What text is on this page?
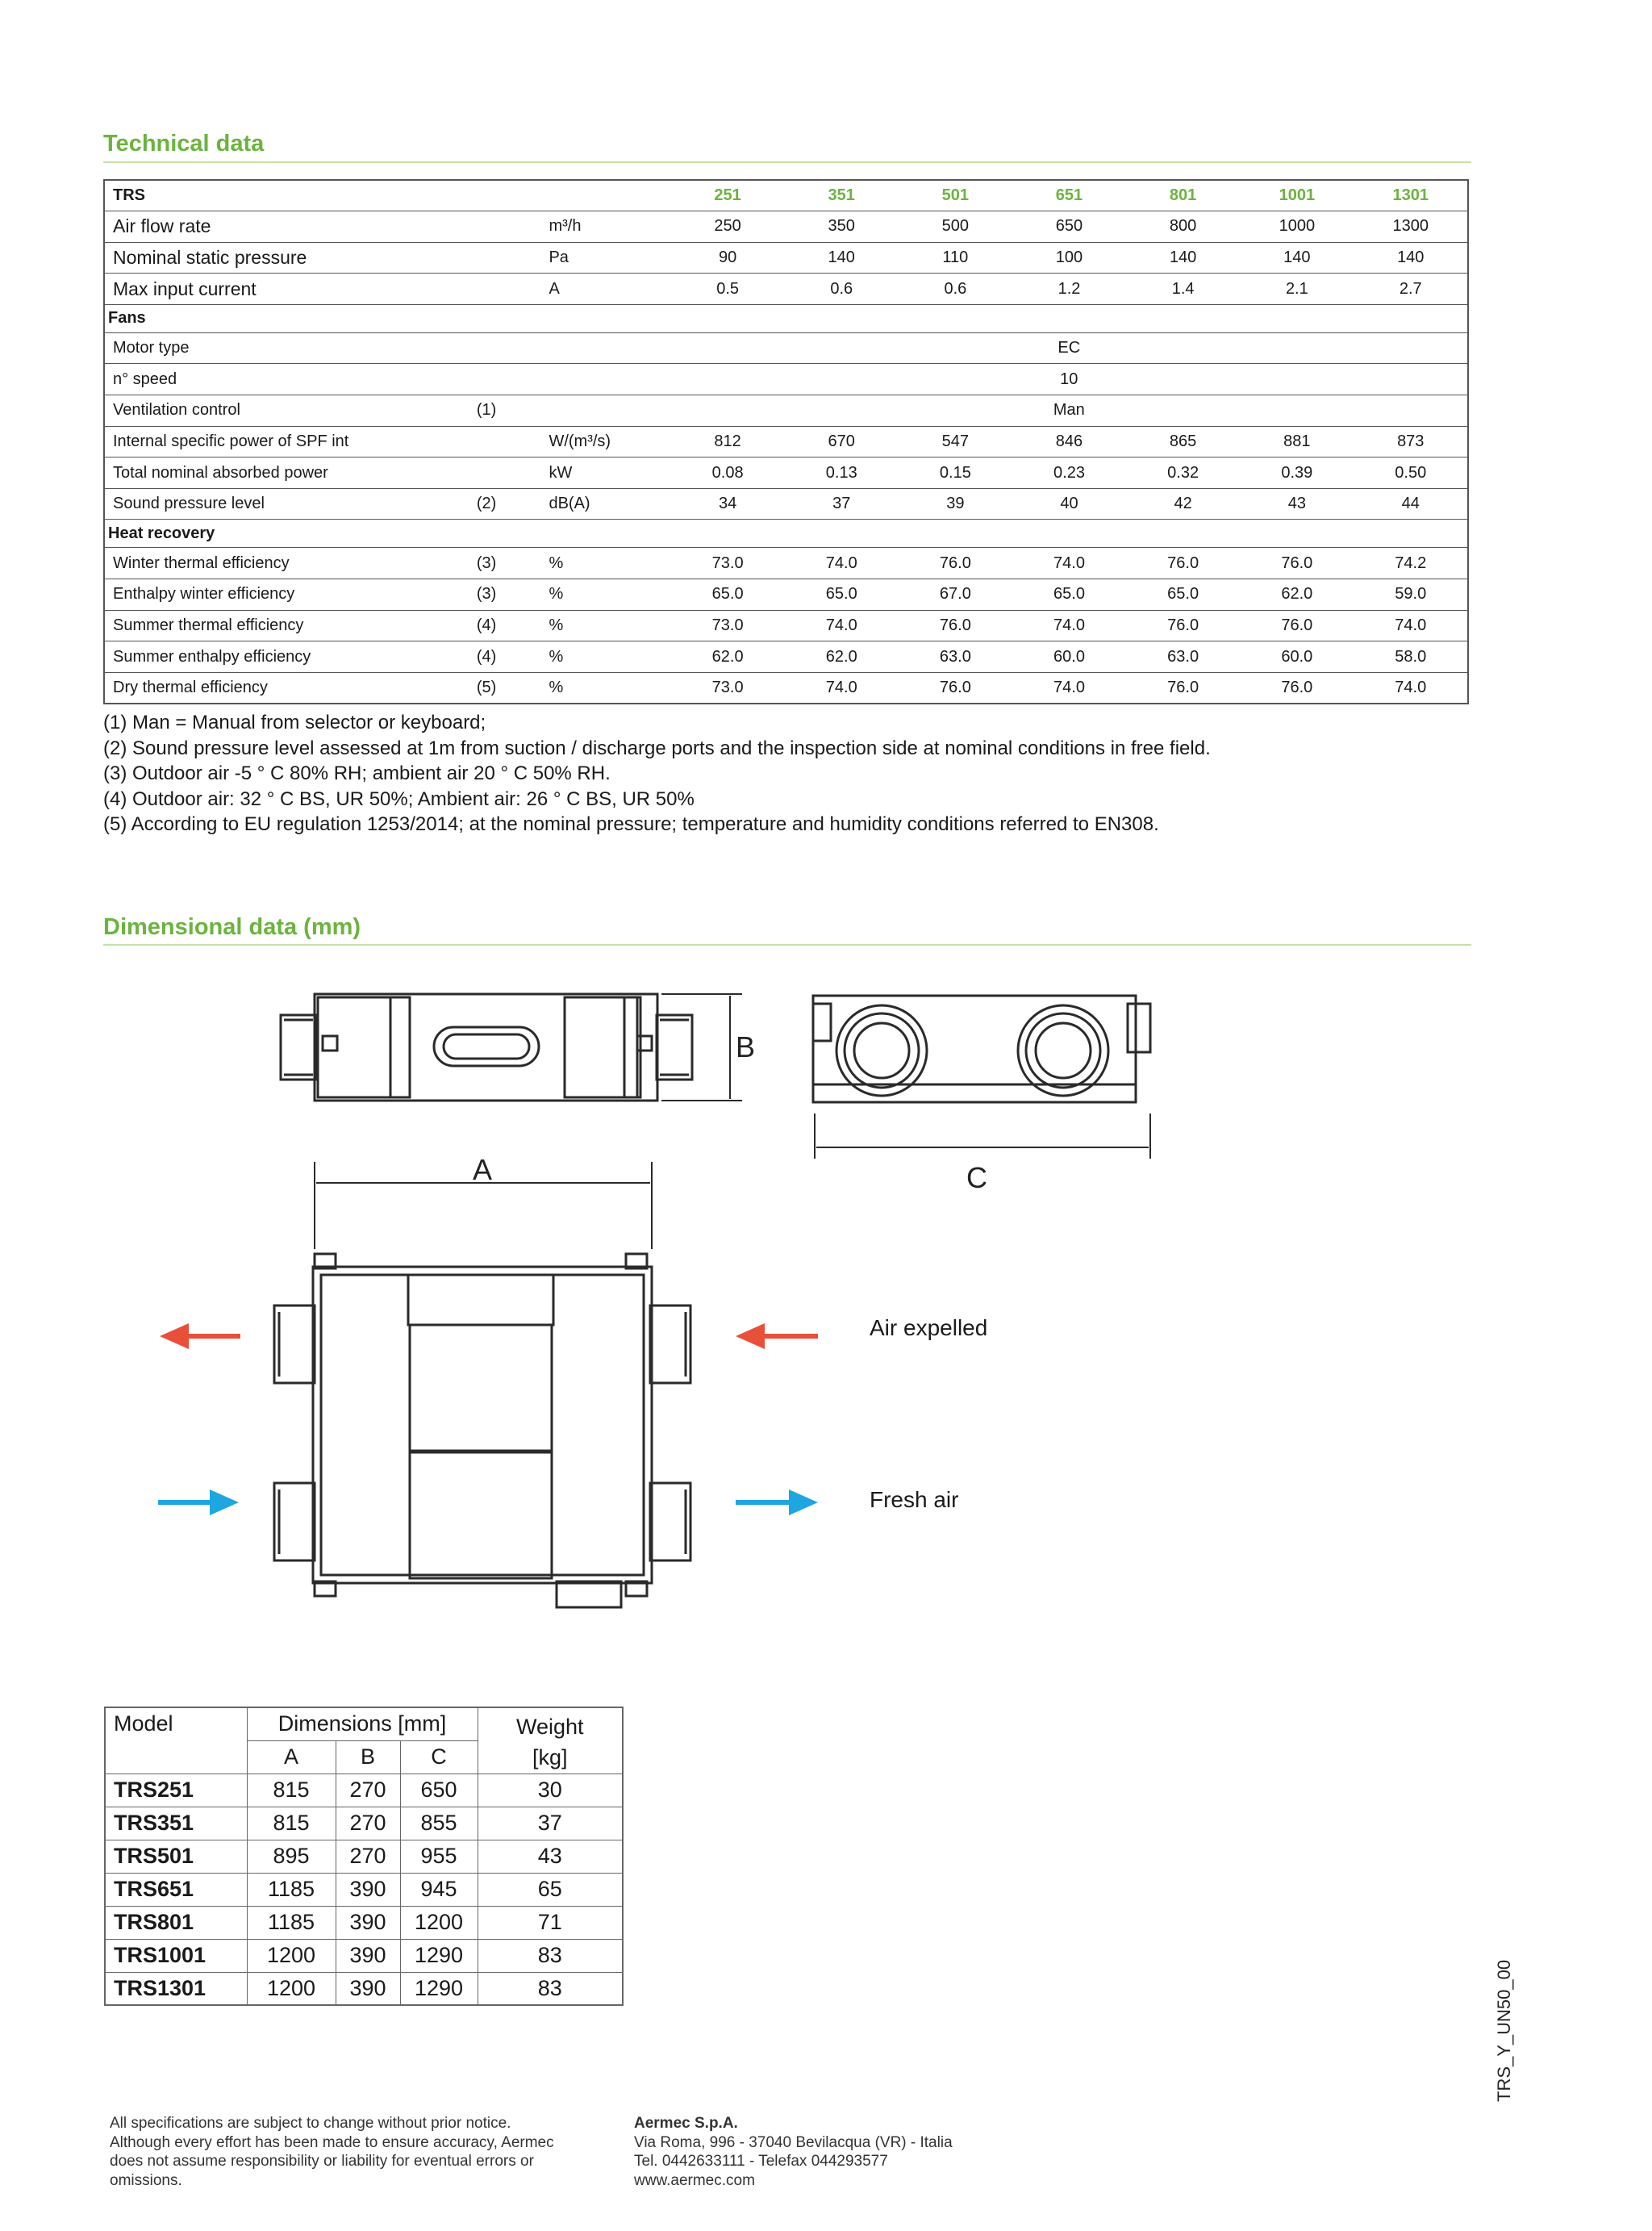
Technical data
TRS			251	351	501	651	801	1001	1301
Air flow rate		m³/h	250	350	500	650	800	1000	1300
Nominal static pressure		Pa	90	140	110	100	140	140	140
Max input current		A	0.5	0.6	0.6	1.2	1.4	2.1	2.7
Fans									
Motor type			EC						
n° speed			10						
Ventilation control	(1)		Man						
Internal specific power of SPF int		W/(m³/s)	812	670	547	846	865	881	873
Total nominal absorbed power		kW	0.08	0.13	0.15	0.23	0.32	0.39	0.50
Sound pressure level	(2)	dB(A)	34	37	39	40	42	43	44
Heat recovery									
Winter thermal efficiency	(3)	%	73.0	74.0	76.0	74.0	76.0	76.0	74.2
Enthalpy winter efficiency	(3)	%	65.0	65.0	67.0	65.0	65.0	62.0	59.0
Summer thermal efficiency	(4)	%	73.0	74.0	76.0	74.0	76.0	76.0	74.0
Summer enthalpy efficiency	(4)	%	62.0	62.0	63.0	60.0	63.0	60.0	58.0
Dry thermal efficiency	(5)	%	73.0	74.0	76.0	74.0	76.0	76.0	74.0
(1) Man = Manual from selector or keyboard;
(2) Sound pressure level assessed at 1m from suction / discharge ports and the inspection side at nominal conditions in free field.
(3) Outdoor air -5 ° C 80% RH; ambient air 20 ° C 50% RH.
(4) Outdoor air: 32 ° C BS, UR 50%; Ambient air: 26 ° C BS, UR 50%
(5) According to EU regulation 1253/2014; at the nominal pressure; temperature and humidity conditions referred to EN308.
Dimensional data (mm)
B
C
A
Air expelled
Fresh air
Model	Dimensions [mm]			Weight
[kg]

	A	B	C	
TRS251	815	270	650	30
TRS351	815	270	855	37
TRS501	895	270	955	43
TRS651	1185	390	945	65
TRS801	1185	390	1200	71
TRS1001	1200	390	1290	83
TRS1301	1200	390	1290	83	TRS_Y_UN50_00
All specifications are subject to change without prior notice.
Although every effort has been made to ensure accuracy, Aermec
does not assume responsibility or liability for eventual errors or
omissions.
Aermec S.p.A.
Via Roma, 996 - 37040 Bevilacqua (VR) - Italia
Tel. 0442633111 - Telefax 044293577
www.aermec.com
